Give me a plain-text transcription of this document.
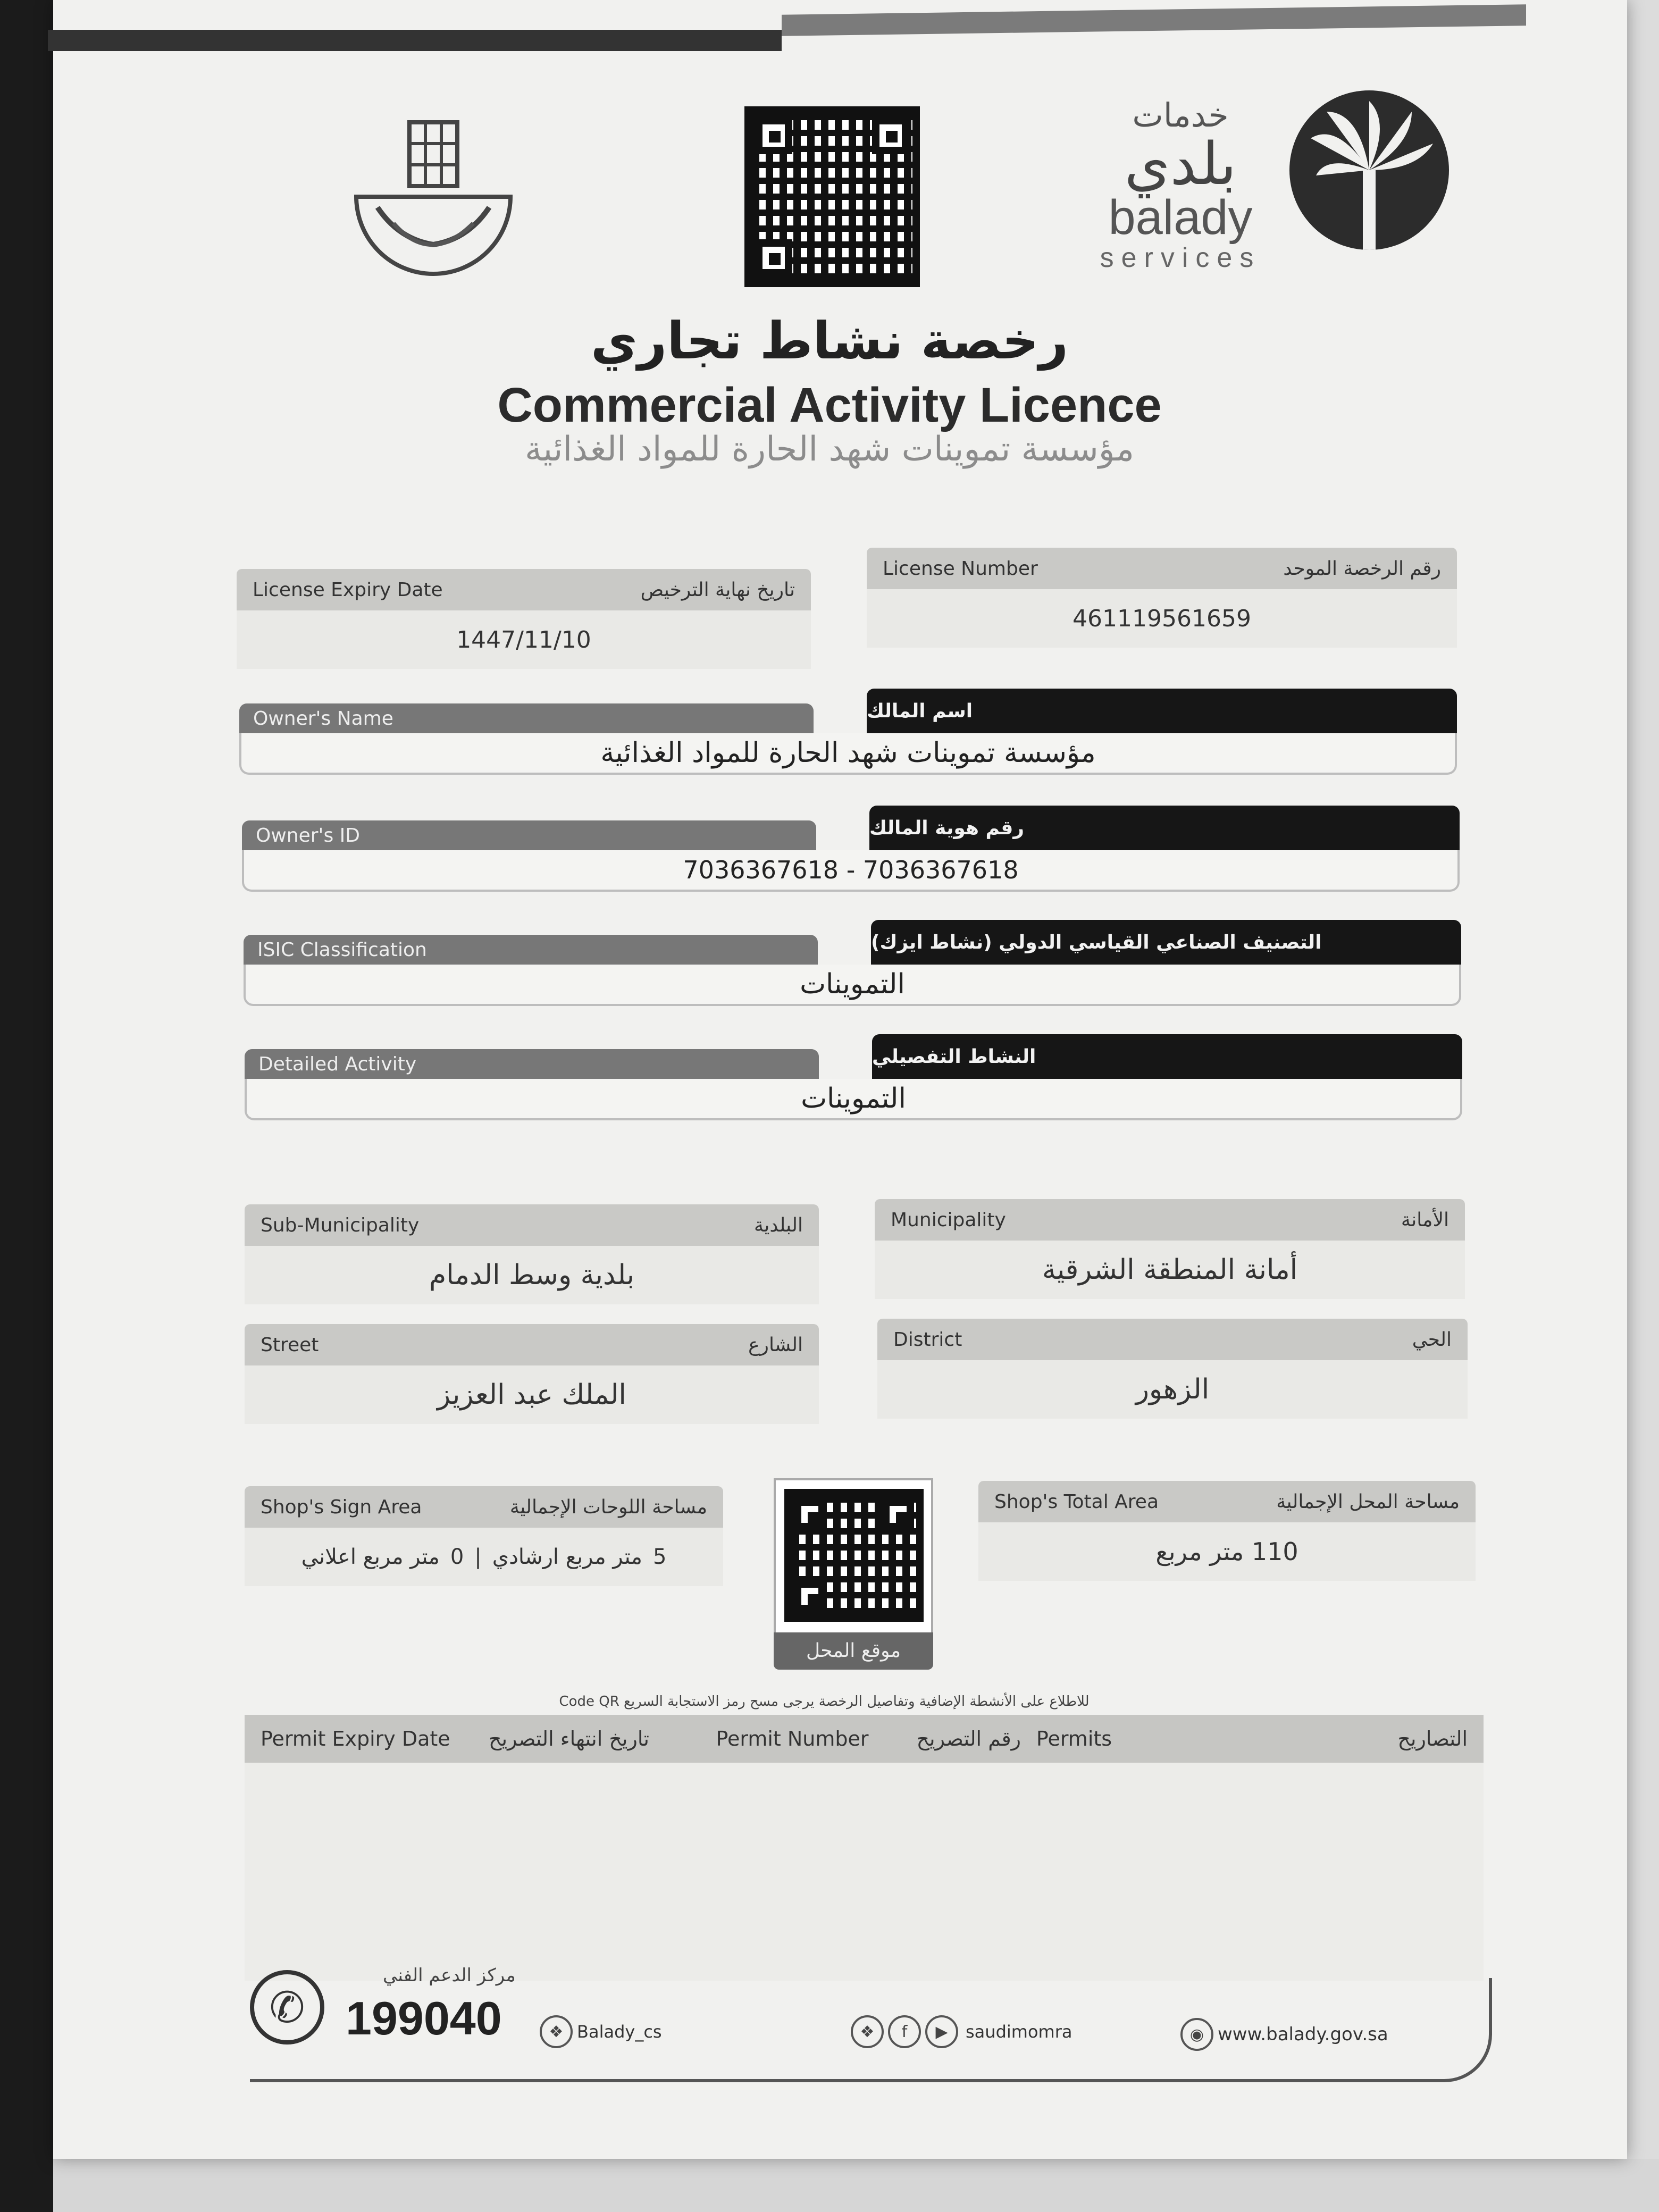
خدمات
بلدي
balady
services
رخصة نشاط تجاري
Commercial Activity Licence
مؤسسة تموينات شهد الحارة للمواد الغذائية
License Number	رقم الرخصة الموحد
461119561659
License Expiry Date	تاريخ نهاية الترخيص
1447/11/10
Owner's Name	اسم المالك
مؤسسة تموينات شهد الحارة للمواد الغذائية
Owner's ID	رقم هوية المالك
7036367618 - 7036367618
ISIC Classification	التصنيف الصناعي القياسي الدولي (نشاط ايزك)
التموينات
Detailed Activity	النشاط التفصيلي
التموينات
Sub-Municipality	البلدية
بلدية وسط الدمام
Municipality	الأمانة
أمانة المنطقة الشرقية
Street	الشارع
الملك عبد العزيز
District	الحي
الزهور
Shop's Sign Area	مساحة اللوحات الإجمالية
5
متر مربع ارشادي
|
0
متر مربع اعلاني
موقع المحل
Shop's Total Area	مساحة المحل الإجمالية
110 متر مربع
للاطلاع على الأنشطة الإضافية وتفاصيل الرخصة يرجى مسح رمز الاستجابة السريع Code QR
Permit Expiry Date	تاريخ انتهاء التصريح	Permit Number	رقم التصريح Permits	التصاريح
✆
مركز الدعم الفني
199040	❖ Balady_cs	❖	f	▶	saudimomra	◉ www.balady.gov.sa
